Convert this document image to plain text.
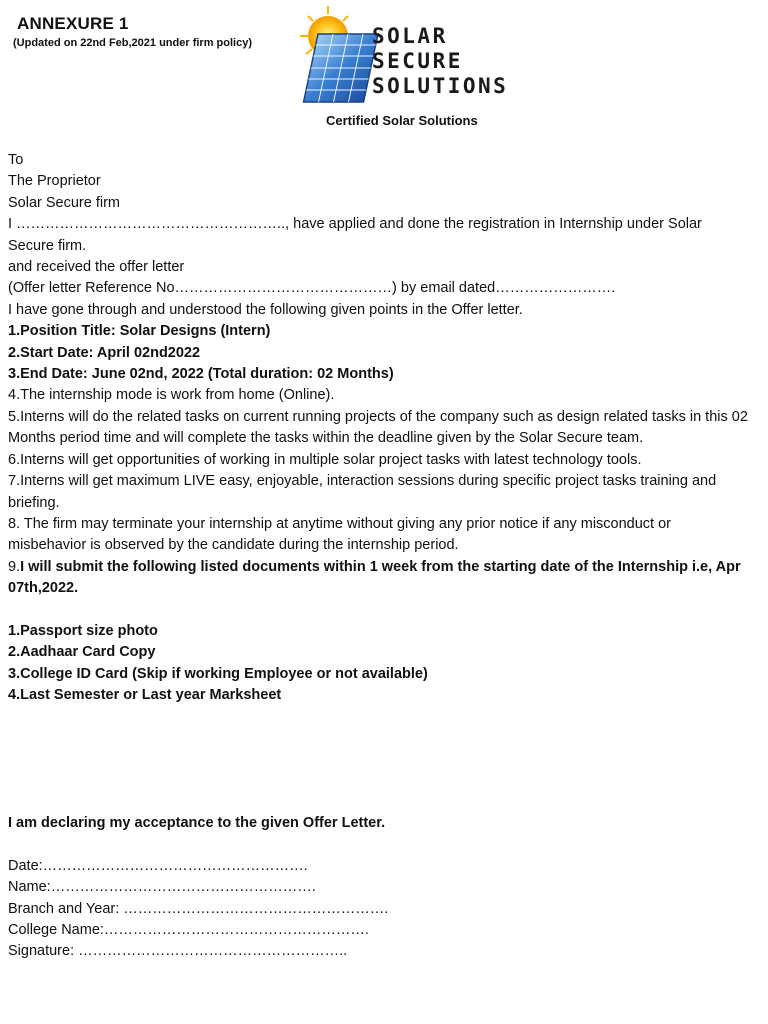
ANNEXURE 1
(Updated on 22nd Feb,2021 under firm policy)	SOLAR
SECURE
SOLUTIONS
Certified Solar Solutions

To

The Proprietor

Solar Secure firm

I ……………………………………………….., have applied and done the registration in Internship under Solar Secure firm.

and received the offer letter

(Offer letter Reference No………………………………………) by email dated…………………….

I have gone through and understood the following given points in the Offer letter.

1.Position Title: Solar Designs (Intern)

2.Start Date: April 02nd2022

3.End Date: June 02nd, 2022 (Total duration: 02 Months)

4.The internship mode is work from home (Online).

5.Interns will do the related tasks on current running projects of the company such as design related tasks in this 02 Months period time and will complete the tasks within the deadline given by the Solar Secure team.

6.Interns will get opportunities of working in multiple solar project tasks with latest technology tools.

7.Interns will get maximum LIVE easy, enjoyable, interaction sessions during specific project tasks training and briefing.

8. The firm may terminate your internship at anytime without giving any prior notice if any misconduct or misbehavior is observed by the candidate during the internship period.

9.I will submit the following listed documents within 1 week from the starting date of the Internship i.e, Apr 07th,2022.

1.Passport size photo

2.Aadhaar Card Copy

3.College ID Card (Skip if working Employee or not available)

4.Last Semester or Last year Marksheet

I am declaring my acceptance to the given Offer Letter.

Date:……………………………………………….

Name:……………………………………………….

Branch and Year: ……………………………………………….

College Name:……………………………………………….

Signature: ………………………………………………..
